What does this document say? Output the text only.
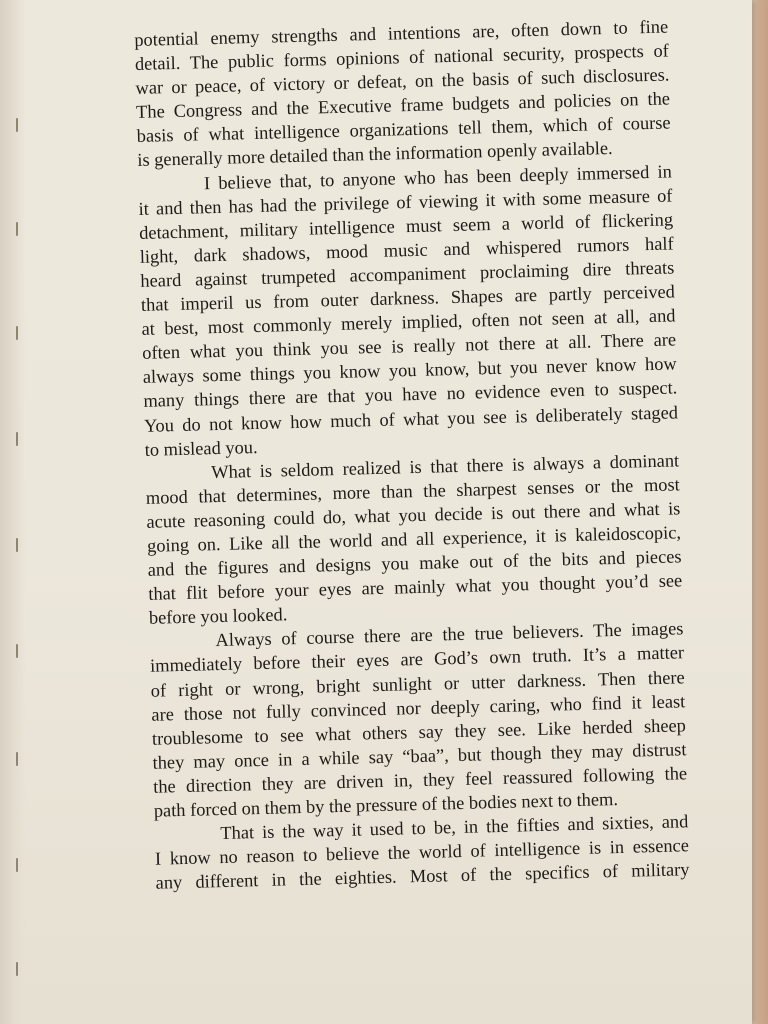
potential enemy strengths and intentions are, often down to fine
detail. The public forms opinions of national security, prospects of
war or peace, of victory or defeat, on the basis of such disclosures.
The Congress and the Executive frame budgets and policies on the
basis of what intelligence organizations tell them, which of course
is generally more detailed than the information openly available.
I believe that, to anyone who has been deeply immersed in
it and then has had the privilege of viewing it with some measure of
detachment, military intelligence must seem a world of flickering
light, dark shadows, mood music and whispered rumors half
heard against trumpeted accompaniment proclaiming dire threats
that imperil us from outer darkness. Shapes are partly perceived
at best, most commonly merely implied, often not seen at all, and
often what you think you see is really not there at all. There are
always some things you know you know, but you never know how
many things there are that you have no evidence even to suspect.
You do not know how much of what you see is deliberately staged
to mislead you.
What is seldom realized is that there is always a dominant
mood that determines, more than the sharpest senses or the most
acute reasoning could do, what you decide is out there and what is
going on. Like all the world and all experience, it is kaleidoscopic,
and the figures and designs you make out of the bits and pieces
that flit before your eyes are mainly what you thought you’d see
before you looked.
Always of course there are the true believers. The images
immediately before their eyes are God’s own truth. It’s a matter
of right or wrong, bright sunlight or utter darkness. Then there
are those not fully convinced nor deeply caring, who find it least
troublesome to see what others say they see. Like herded sheep
they may once in a while say “baa”, but though they may distrust
the direction they are driven in, they feel reassured following the
path forced on them by the pressure of the bodies next to them.
That is the way it used to be, in the fifties and sixties, and
I know no reason to believe the world of intelligence is in essence
any different in the eighties. Most of the specifics of military
